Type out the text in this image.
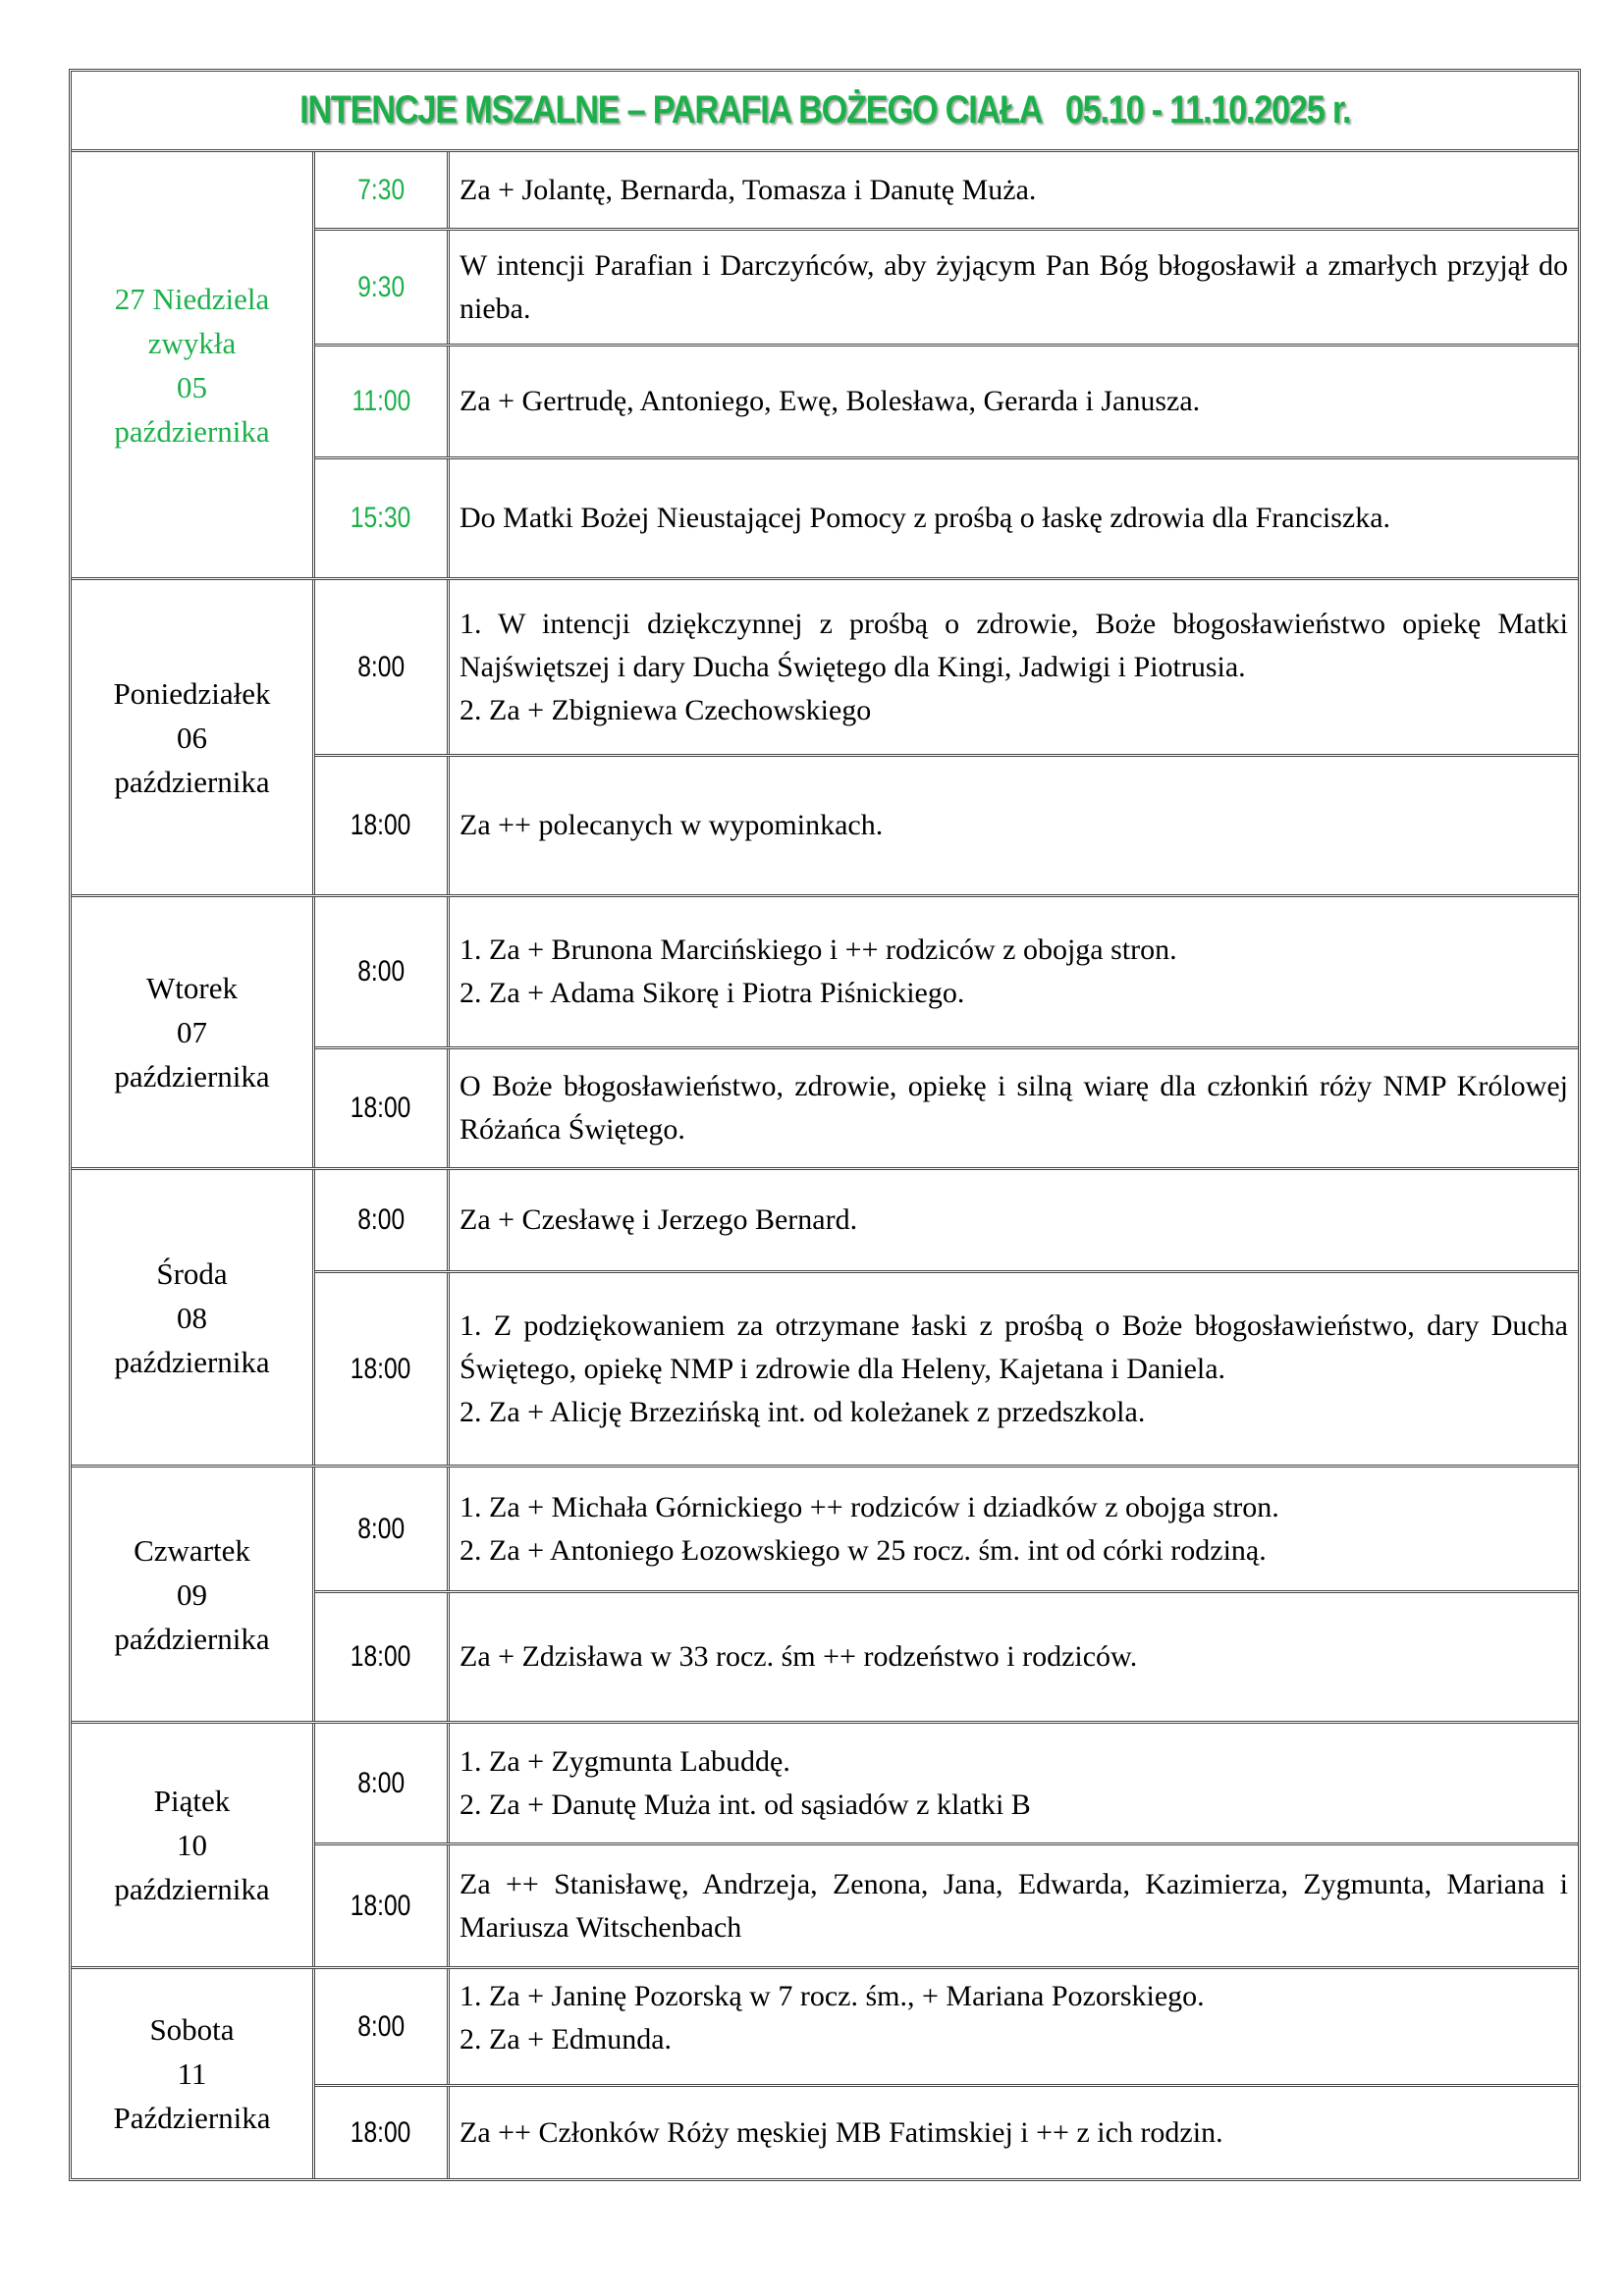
INTENCJE MSZALNE – PARAFIA BOŻEGO CIAŁA   05.10 - 11.10.2025 r.
27 Niedziela
zwykła
05
października
7:30 Za + Jolantę, Bernarda, Tomasza i Danutę Muża.
9:30
W intencji Parafian i Darczyńców, aby żyjącym Pan Bóg błogosławił a zmarłych przyjął do nieba.
11:00 Za + Gertrudę, Antoniego, Ewę, Bolesława, Gerarda i Janusza.
15:30 Do Matki Bożej Nieustającej Pomocy z prośbą o łaskę zdrowia dla Franciszka.
Poniedziałek
06
października
8:00
1. W intencji dziękczynnej z prośbą o zdrowie, Boże błogosławieństwo opiekę Matki Najświętszej i dary Ducha Świętego dla Kingi, Jadwigi i Piotrusia.
2. Za + Zbigniewa Czechowskiego
18:00 Za ++ polecanych w wypominkach.
Wtorek
07
października
8:00
1. Za + Brunona Marcińskiego i ++ rodziców z obojga stron.
2. Za + Adama Sikorę i Piotra Piśnickiego.
18:00
O Boże błogosławieństwo, zdrowie, opiekę i silną wiarę dla członkiń róży NMP Królowej Różańca Świętego.
Środa
08
października
8:00 Za + Czesławę i Jerzego Bernard.
18:00
1. Z podziękowaniem za otrzymane łaski z prośbą o Boże błogosławieństwo, dary Ducha Świętego, opiekę NMP i zdrowie dla Heleny, Kajetana i Daniela.
2. Za + Alicję Brzezińską int. od koleżanek z przedszkola.
Czwartek
09
października
8:00
1. Za + Michała Górnickiego ++ rodziców i dziadków z obojga stron.
2. Za + Antoniego Łozowskiego w 25 rocz. śm. int od córki rodziną.
18:00 Za + Zdzisława w 33 rocz. śm ++ rodzeństwo i rodziców.
Piątek
10
października
8:00
1. Za + Zygmunta Labuddę.
2. Za + Danutę Muża int. od sąsiadów z klatki B
18:00
Za ++ Stanisławę, Andrzeja, Zenona, Jana, Edwarda, Kazimierza, Zygmunta, Mariana i Mariusza Witschenbach
Sobota
11
Października
8:00
1. Za + Janinę Pozorską w 7 rocz. śm., + Mariana Pozorskiego.
2. Za + Edmunda.
18:00 Za ++ Członków Róży męskiej MB Fatimskiej i ++ z ich rodzin.
